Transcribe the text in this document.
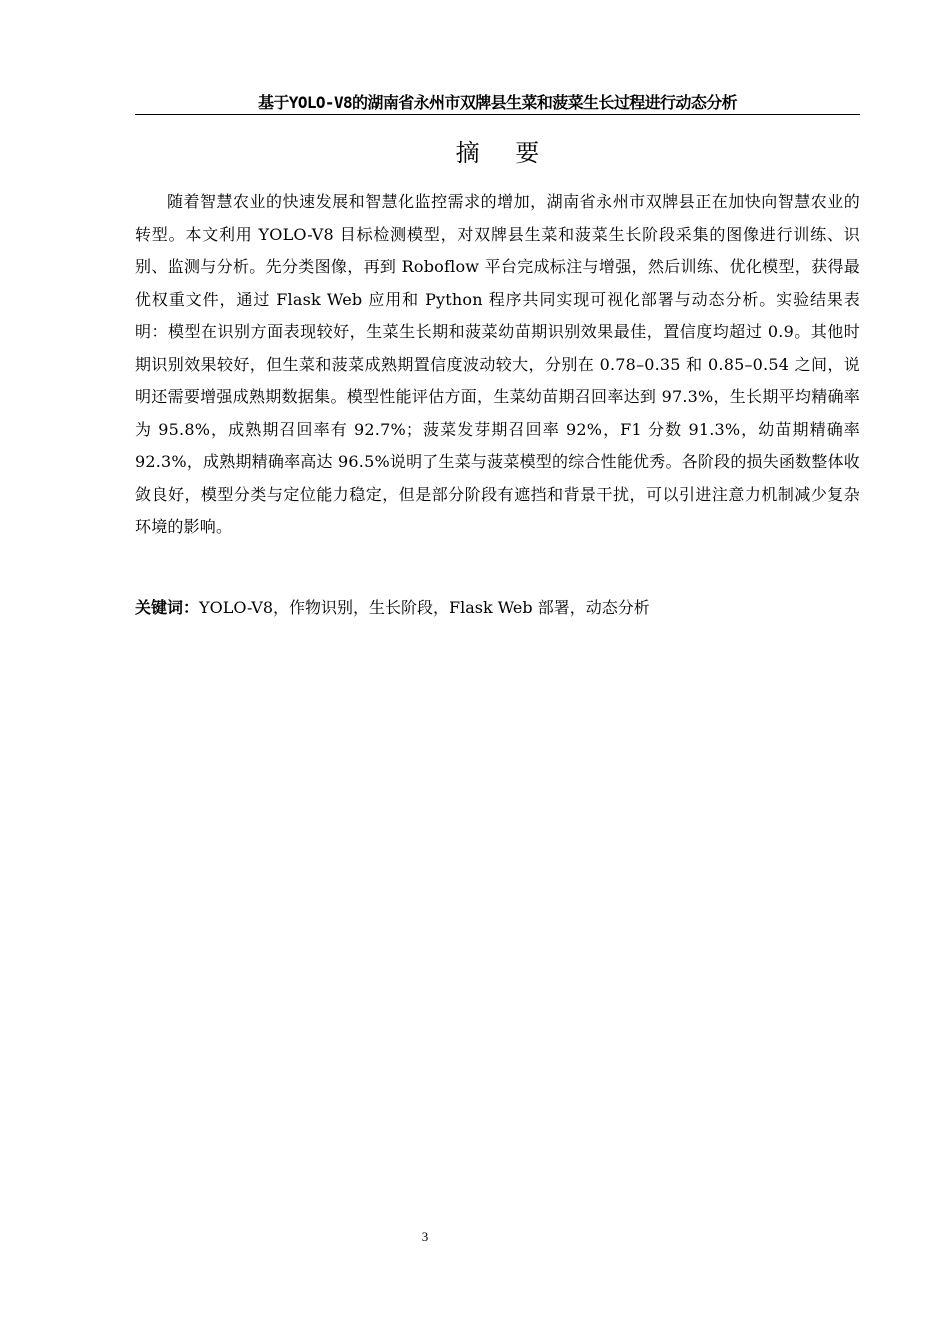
基于YOLO-V8的湖南省永州市双牌县生菜和菠菜生长过程进行动态分析
摘 要

随着智慧农业的快速发展和智慧化监控需求的增加，湖南省永州市双牌县正在加快向智慧农业的转型。本文利用 YOLO-V8 目标检测模型，对双牌县生菜和菠菜生长阶段采集的图像进行训练、识别、监测与分析。先分类图像，再到 Roboflow 平台完成标注与增强，然后训练、优化模型，获得最优权重文件，通过 Flask Web 应用和 Python 程序共同实现可视化部署与动态分析。实验结果表明：模型在识别方面表现较好，生菜生长期和菠菜幼苗期识别效果最佳，置信度均超过 0.9。其他时期识别效果较好，但生菜和菠菜成熟期置信度波动较大，分别在 0.78–0.35 和 0.85–0.54 之间，说明还需要增强成熟期数据集。模型性能评估方面，生菜幼苗期召回率达到 97.3%，生长期平均精确率为 95.8%，成熟期召回率有 92.7%；菠菜发芽期召回率 92%，F1 分数 91.3%，幼苗期精确率 92.3%，成熟期精确率高达 96.5%说明了生菜与菠菜模型的综合性能优秀。各阶段的损失函数整体收敛良好，模型分类与定位能力稳定，但是部分阶段有遮挡和背景干扰，可以引进注意力机制减少复杂环境的影响。

关键词：YOLO-V8，作物识别，生长阶段，Flask Web 部署，动态分析

3
